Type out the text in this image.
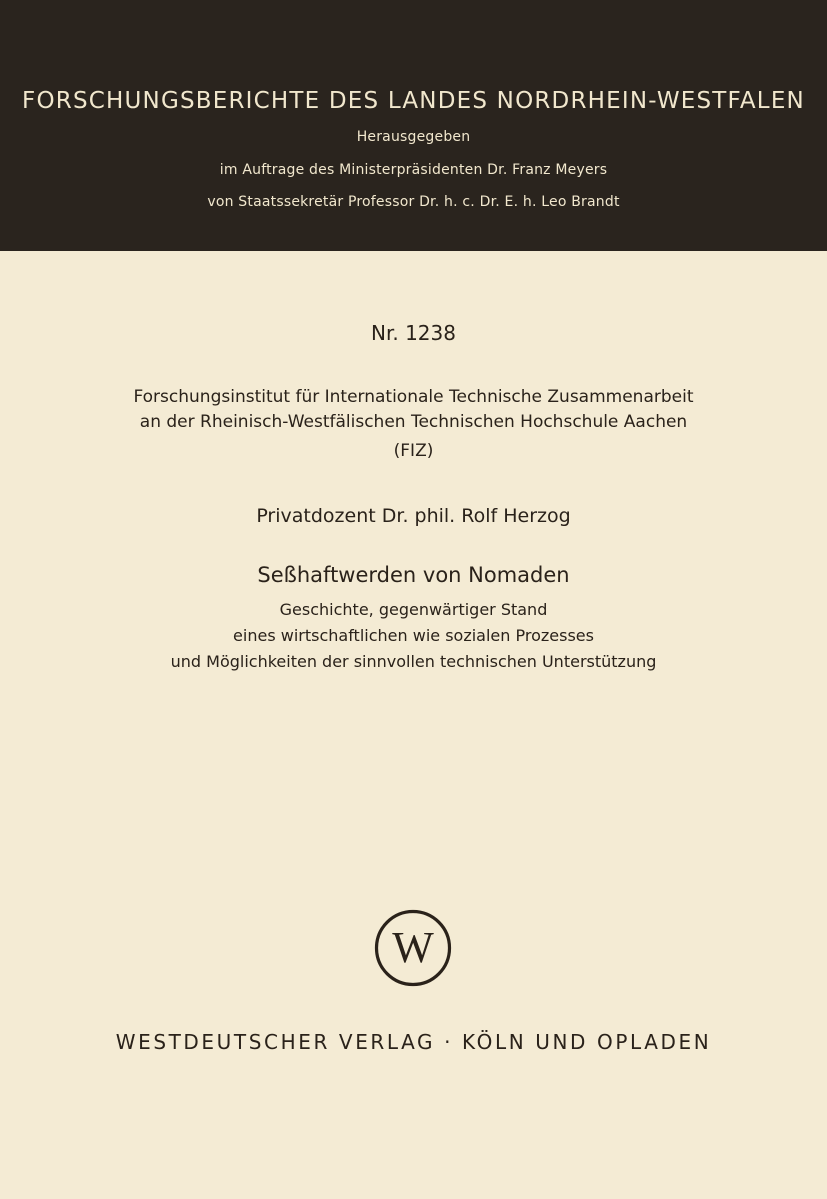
FORSCHUNGSBERICHTE DES LANDES NORDRHEIN-WESTFALEN
Herausgegeben
im Auftrage des Ministerpräsidenten Dr. Franz Meyers
von Staatssekretär Professor Dr. h. c. Dr. E. h. Leo Brandt
Nr. 1238
Forschungsinstitut für Internationale Technische Zusammenarbeit
an der Rheinisch-Westfälischen Technischen Hochschule Aachen
(FIZ)
Privatdozent Dr. phil. Rolf Herzog
Seßhaftwerden von Nomaden
Geschichte, gegenwärtiger Stand
eines wirtschaftlichen wie sozialen Prozesses
und Möglichkeiten der sinnvollen technischen Unterstützung
W
WESTDEUTSCHER VERLAG · KÖLN UND OPLADEN
